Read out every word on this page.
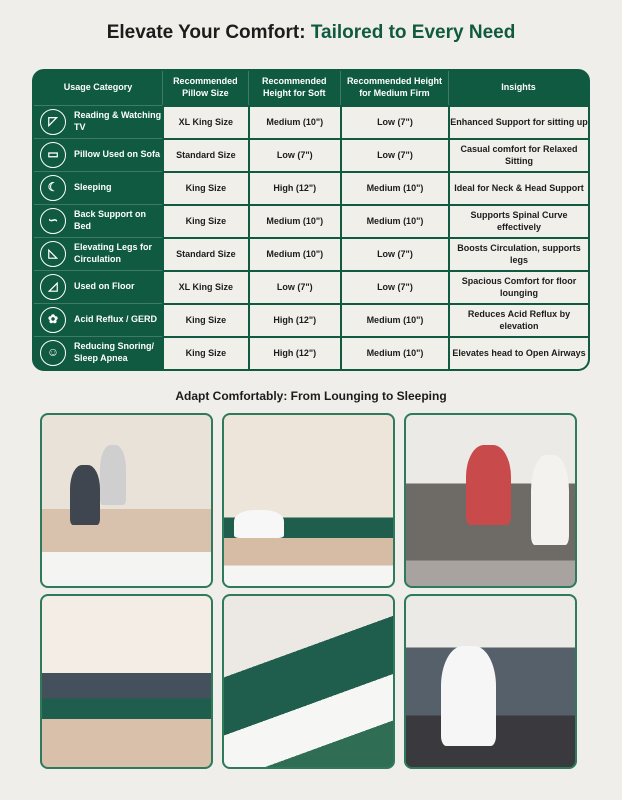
Elevate Your Comfort: Tailored to Every Need
Usage Category	Recommended Pillow Size	Recommended Height for Soft	Recommended Height for Medium Firm	Insights

◸ Reading & Watching TV	XL King Size	Medium (10")	Low (7")	Enhanced Support for sitting up

▭ Pillow Used on Sofa	Standard Size	Low (7")	Low (7")	Casual comfort for Relaxed Sitting

☾ Sleeping	King Size	High (12")	Medium (10")	Ideal for Neck & Head Support

∽ Back Support on Bed	King Size	Medium (10")	Medium (10")	Supports Spinal Curve effectively

◺ Elevating Legs for Circulation	Standard Size	Medium (10")	Low (7")	Boosts Circulation, supports legs

◿ Used on Floor	XL King Size	Low (7")	Low (7")	Spacious Comfort for floor lounging

✿ Acid Reflux / GERD	King Size	High (12")	Medium (10")	Reduces Acid Reflux by elevation

☺ Reducing Snoring/ Sleep Apnea	King Size	High (12")	Medium (10")	Elevates head to Open Airways
Adapt Comfortably: From Lounging to Sleeping
